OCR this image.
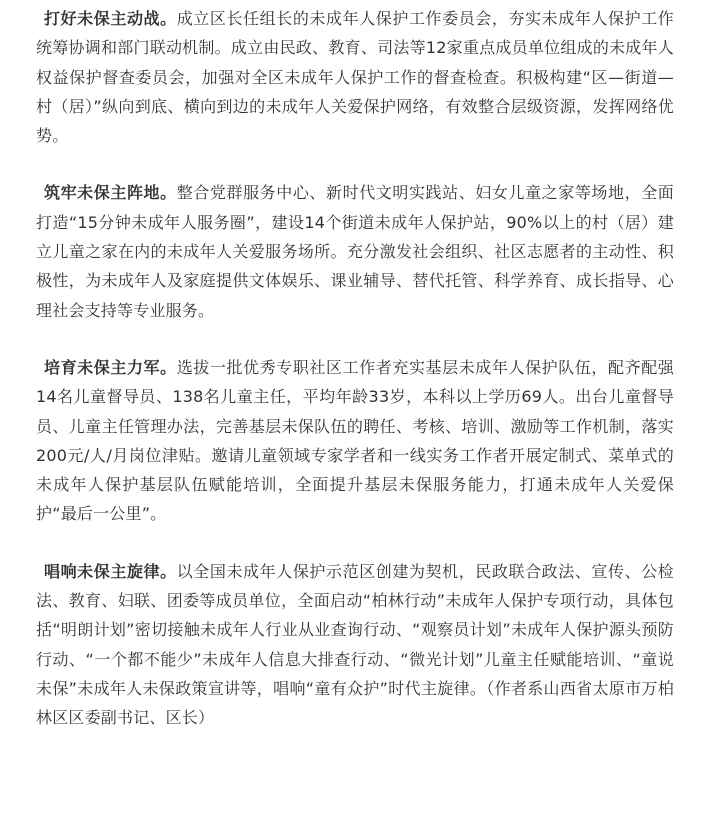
打好未保主动战。成立区长任组长的未成年人保护工作委员会，夯实未成年人保护工作统筹协调和部门联动机制。成立由民政、教育、司法等12家重点成员单位组成的未成年人权益保护督查委员会，加强对全区未成年人保护工作的督查检查。积极构建“区—街道—村（居）”纵向到底、横向到边的未成年人关爱保护网络，有效整合层级资源，发挥网络优势。

筑牢未保主阵地。整合党群服务中心、新时代文明实践站、妇女儿童之家等场地，全面打造“15分钟未成年人服务圈”，建设14个街道未成年人保护站，90%以上的村（居）建立儿童之家在内的未成年人关爱服务场所。充分激发社会组织、社区志愿者的主动性、积极性，为未成年人及家庭提供文体娱乐、课业辅导、替代托管、科学养育、成长指导、心理社会支持等专业服务。

培育未保主力军。选拔一批优秀专职社区工作者充实基层未成年人保护队伍，配齐配强14名儿童督导员、138名儿童主任，平均年龄33岁，本科以上学历69人。出台儿童督导员、儿童主任管理办法，完善基层未保队伍的聘任、考核、培训、激励等工作机制，落实200元/人/月岗位津贴。邀请儿童领域专家学者和一线实务工作者开展定制式、菜单式的未成年人保护基层队伍赋能培训，全面提升基层未保服务能力，打通未成年人关爱保护“最后一公里”。

唱响未保主旋律。以全国未成年人保护示范区创建为契机，民政联合政法、宣传、公检法、教育、妇联、团委等成员单位，全面启动“柏林行动”未成年人保护专项行动，具体包括“明朗计划”密切接触未成年人行业从业查询行动、“观察员计划”未成年人保护源头预防行动、“一个都不能少”未成年人信息大排查行动、“微光计划”儿童主任赋能培训、“童说未保”未成年人未保政策宣讲等，唱响“童有众护”时代主旋律。（作者系山西省太原市万柏林区区委副书记、区长）
